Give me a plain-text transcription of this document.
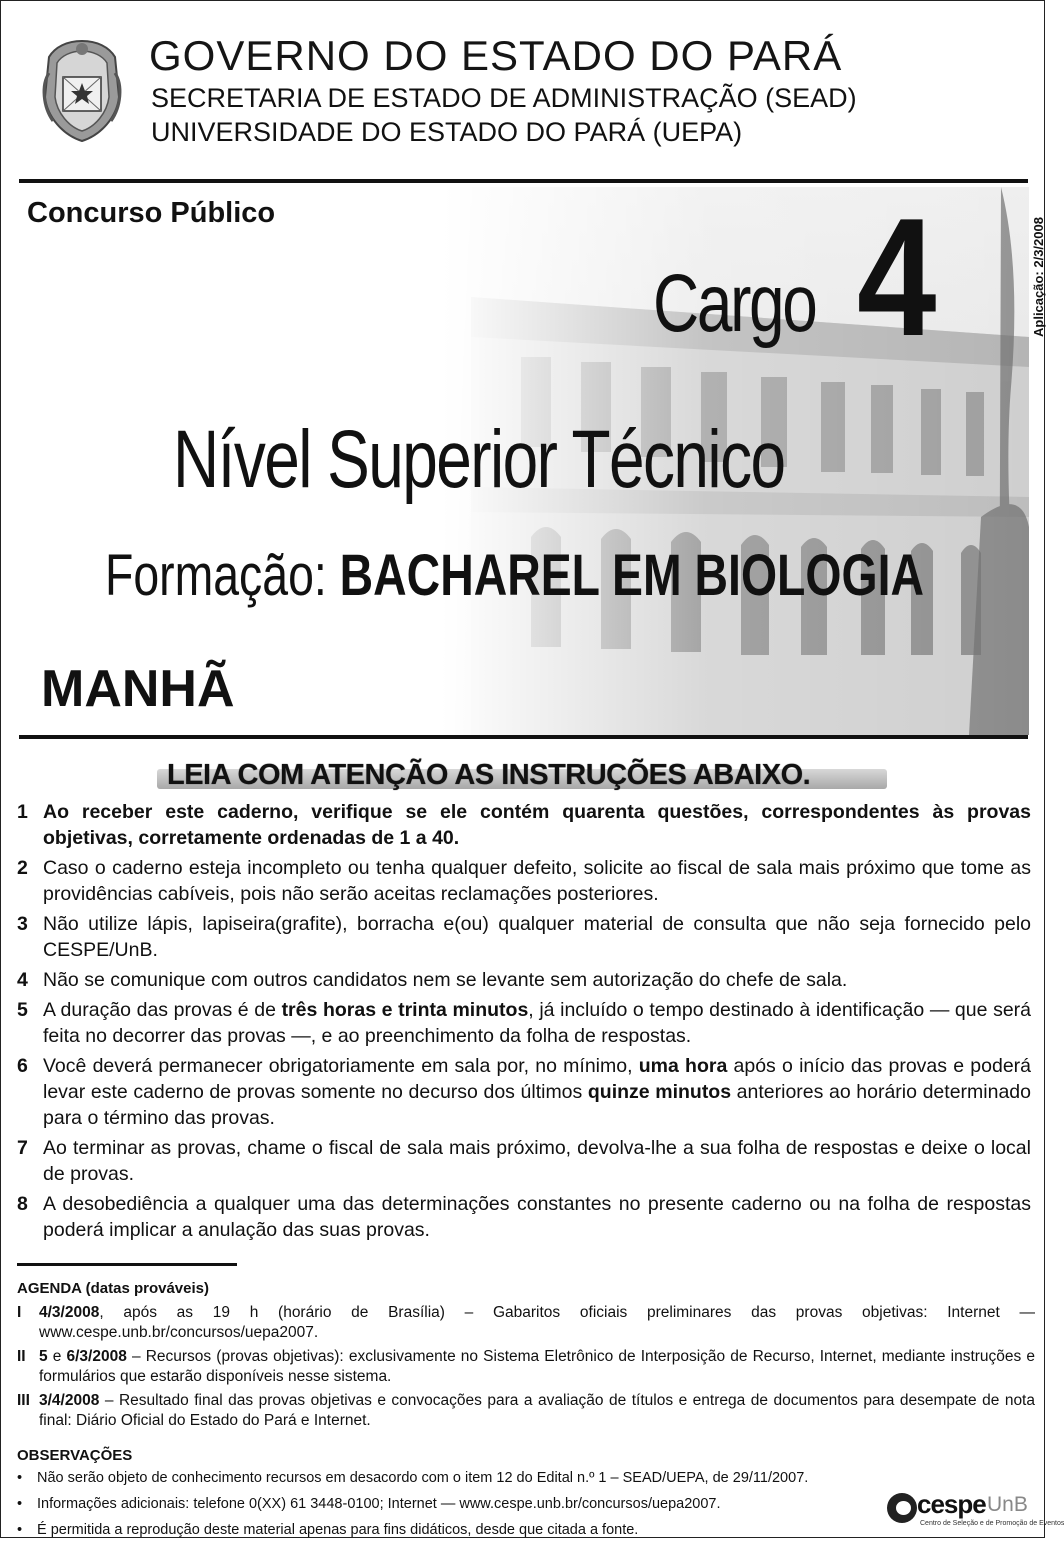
GOVERNO DO ESTADO DO PARÁ
SECRETARIA DE ESTADO DE ADMINISTRAÇÃO (SEAD)
UNIVERSIDADE DO ESTADO DO PARÁ (UEPA)
Concurso Público
Cargo 4	Aplicação: 2/3/2008
Nível Superior Técnico
Formação: BACHAREL EM BIOLOGIA
MANHÃ
LEIA COM ATENÇÃO AS INSTRUÇÕES ABAIXO.
1 Ao receber este caderno, verifique se ele contém quarenta questões, correspondentes às provas objetivas, corretamente ordenadas de 1 a 40.
2 Caso o caderno esteja incompleto ou tenha qualquer defeito, solicite ao fiscal de sala mais próximo que tome as providências cabíveis, pois não serão aceitas reclamações posteriores.
3 Não utilize lápis, lapiseira(grafite), borracha e(ou) qualquer material de consulta que não seja fornecido pelo CESPE/UnB.
4 Não se comunique com outros candidatos nem se levante sem autorização do chefe de sala.
5 A duração das provas é de três horas e trinta minutos, já incluído o tempo destinado à identificação — que será feita no decorrer das provas —, e ao preenchimento da folha de respostas.
6 Você deverá permanecer obrigatoriamente em sala por, no mínimo, uma hora após o início das provas e poderá levar este caderno de provas somente no decurso dos últimos quinze minutos anteriores ao horário determinado para o término das provas.
7 Ao terminar as provas, chame o fiscal de sala mais próximo, devolva-lhe a sua folha de respostas e deixe o local de provas.
8 A desobediência a qualquer uma das determinações constantes no presente caderno ou na folha de respostas poderá implicar a anulação das suas provas.
AGENDA (datas prováveis)
I 4/3/2008, após as 19 h (horário de Brasília) – Gabaritos oficiais preliminares das provas objetivas: Internet — www.cespe.unb.br/concursos/uepa2007.
II 5 e 6/3/2008 – Recursos (provas objetivas): exclusivamente no Sistema Eletrônico de Interposição de Recurso, Internet, mediante instruções e formulários que estarão disponíveis nesse sistema.
III 3/4/2008 – Resultado final das provas objetivas e convocações para a avaliação de títulos e entrega de documentos para desempate de nota final: Diário Oficial do Estado do Pará e Internet.
OBSERVAÇÕES
• Não serão objeto de conhecimento recursos em desacordo com o item 12 do Edital n.º 1 – SEAD/UEPA, de 29/11/2007.
• Informações adicionais: telefone 0(XX) 61 3448-0100; Internet — www.cespe.unb.br/concursos/uepa2007.
• É permitida a reprodução deste material apenas para fins didáticos, desde que citada a fonte.
cespe UnB
Centro de Seleção e de Promoção de Eventos
